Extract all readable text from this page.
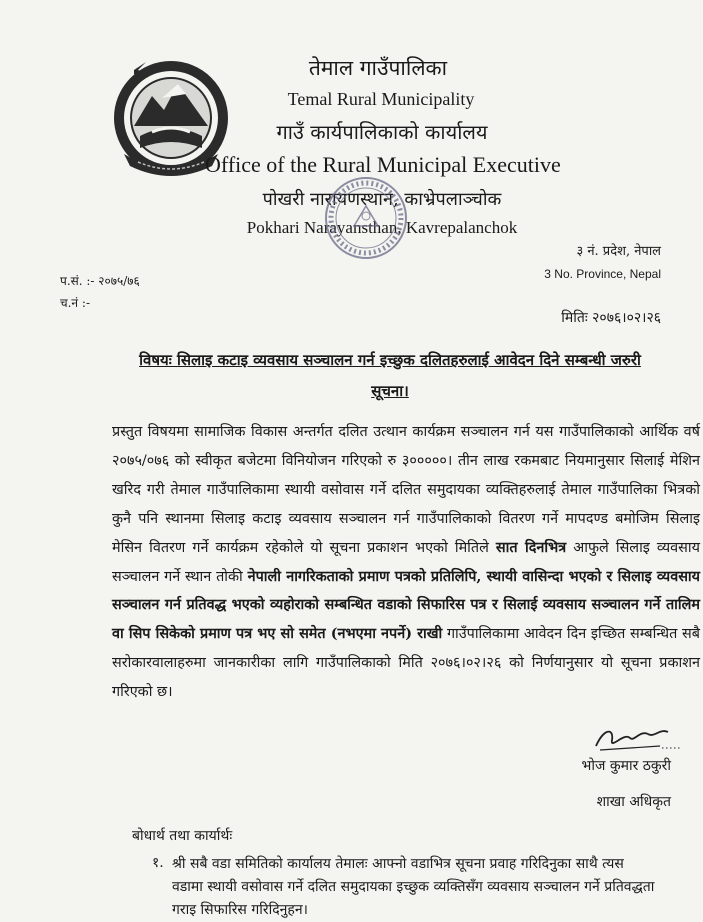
तेमाल गाउँपालिका
Temal Rural Municipality
गाउँ कार्यपालिकाको कार्यालय
Office of the Rural Municipal Executive
पोखरी नारायणस्थान, काभ्रेपलाञ्चोक
Pokhari Narayansthan, Kavrepalanchok
३ नं. प्रदेश, नेपाल
3 No. Province, Nepal
प.सं. :- २०७५/७६
च.नं :-
मितिः २०७६।०२।२६
विषयः सिलाइ कटाइ व्यवसाय सञ्चालन गर्न इच्छुक दलितहरुलाई आवेदन दिने सम्बन्धी जरुरी
सूचना।

प्रस्तुत विषयमा सामाजिक विकास अन्तर्गत दलित उत्थान कार्यक्रम सञ्चालन गर्न यस गाउँपालिकाको आर्थिक वर्ष २०७५/०७६ को स्वीकृत बजेटमा विनियोजन गरिएको रु ३०००००। तीन लाख रकमबाट नियमानुसार सिलाई मेशिन खरिद गरी तेमाल गाउँपालिकामा स्थायी वसोवास गर्ने दलित समुदायका व्यक्तिहरुलाई तेमाल गाउँपालिका भित्रको कुनै पनि स्थानमा सिलाइ कटाइ व्यवसाय सञ्चालन गर्न गाउँपालिकाको वितरण गर्ने मापदण्ड बमोजिम सिलाइ मेसिन वितरण गर्ने कार्यक्रम रहेकोले यो सूचना प्रकाशन भएको मितिले सात दिनभित्र आफुले सिलाइ व्यवसाय सञ्चालन गर्ने स्थान तोकी नेपाली नागरिकताको प्रमाण पत्रको प्रतिलिपि, स्थायी वासिन्दा भएको र सिलाइ व्यवसाय सञ्चालन गर्न प्रतिवद्ध भएको व्यहोराको सम्बन्धित वडाको सिफारिस पत्र र सिलाई व्यवसाय सञ्चालन गर्ने तालिम वा सिप सिकेको प्रमाण पत्र भए सो समेत (नभएमा नपर्ने) राखी गाउँपालिकामा आवेदन दिन इच्छित सम्बन्धित सबै सरोकारवालाहरुमा जानकारीका लागि गाउँपालिकाको मिति २०७६।०२।२६ को निर्णयानुसार यो सूचना प्रकाशन गरिएको छ।

भोज कुमार ठकुरी
शाखा अधिकृत
बोधार्थ तथा कार्यार्थः
१. श्री सबै वडा समितिको कार्यालय तेमालः आफ्नो वडाभित्र सूचना प्रवाह गरिदिनुका साथै त्यस

वडामा स्थायी वसोवास गर्ने दलित समुदायका इच्छुक व्यक्तिसँग व्यवसाय सञ्चालन गर्ने प्रतिवद्धता

गराइ सिफारिस गरिदिनुहन।
